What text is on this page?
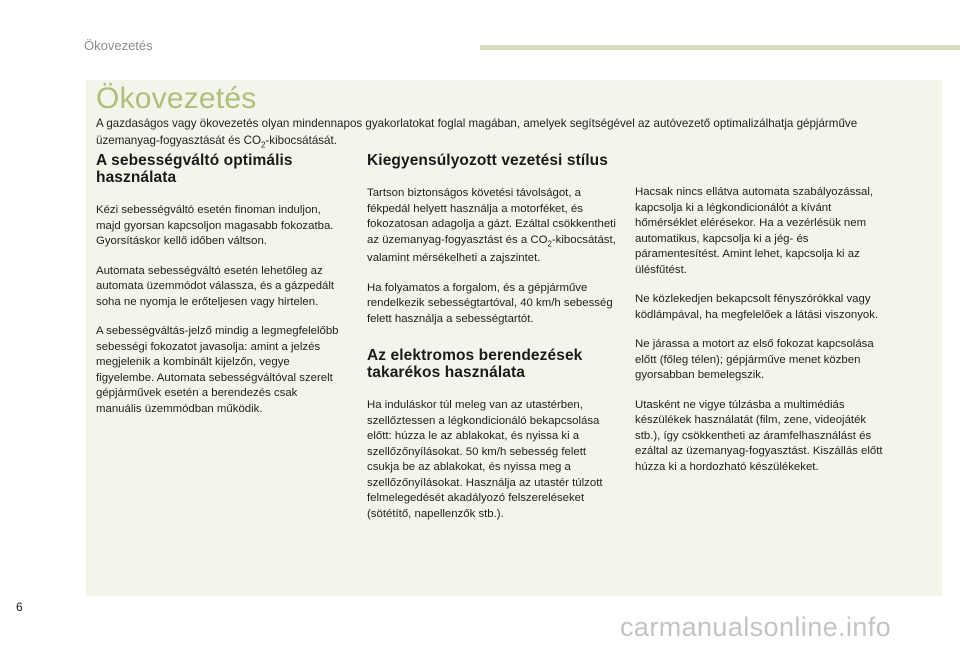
Ökovezetés
Ökovezetés

A gazdaságos vagy ökovezetés olyan mindennapos gyakorlatokat foglal magában, amelyek segítségével az autóvezető optimalizálhatja gépjárműve üzemanyag-fogyasztását és $CO_2$-kibocsátását.

A sebességváltó optimális használata

Kézi sebességváltó esetén finoman induljon, majd gyorsan kapcsoljon magasabb fokozatba. Gyorsításkor kellő időben váltson.

Automata sebességváltó esetén lehetőleg az automata üzemmódot válassza, és a gázpedált soha ne nyomja le erőteljesen vagy hirtelen.

A sebességváltás-jelző mindig a legmegfelelőbb sebességi fokozatot javasolja: amint a jelzés megjelenik a kombinált kijelzőn, vegye figyelembe. Automata sebességváltóval szerelt gépjárművek esetén a berendezés csak manuális üzemmódban működik.

Kiegyensúlyozott vezetési stílus

Tartson biztonságos követési távolságot, a fékpedál helyett használja a motorféket, és fokozatosan adagolja a gázt. Ezáltal csökkentheti az üzemanyag-fogyasztást és a $CO_2$-kibocsátást, valamint mérsékelheti a zajszintet.

Ha folyamatos a forgalom, és a gépjárműve rendelkezik sebességtartóval, 40 km/h sebesség felett használja a sebességtartót.

Az elektromos berendezések takarékos használata

Ha induláskor túl meleg van az utastérben, szellőztessen a légkondicionáló bekapcsolása előtt: húzza le az ablakokat, és nyissa ki a szellőzőnyílásokat. 50 km/h sebesség felett csukja be az ablakokat, és nyissa meg a szellőzőnyílásokat. Használja az utastér túlzott felmelegedését akadályozó felszereléseket (sötétítő, napellenzők stb.).

Hacsak nincs ellátva automata szabályozással, kapcsolja ki a légkondicionálót a kívánt hőmérséklet elérésekor. Ha a vezérlésük nem automatikus, kapcsolja ki a jég- és páramentesítést. Amint lehet, kapcsolja ki az ülésfűtést.

Ne közlekedjen bekapcsolt fényszórókkal vagy ködlámpával, ha megfelelőek a látási viszonyok.

Ne járassa a motort az első fokozat kapcsolása előtt (főleg télen); gépjárműve menet közben gyorsabban bemelegszik.

Utasként ne vigye túlzásba a multimédiás készülékek használatát (film, zene, videojáték stb.), így csökkentheti az áramfelhasználást és ezáltal az üzemanyag-fogyasztást. Kiszállás előtt húzza ki a hordozható készülékeket.

6
carmanualsonline.info
